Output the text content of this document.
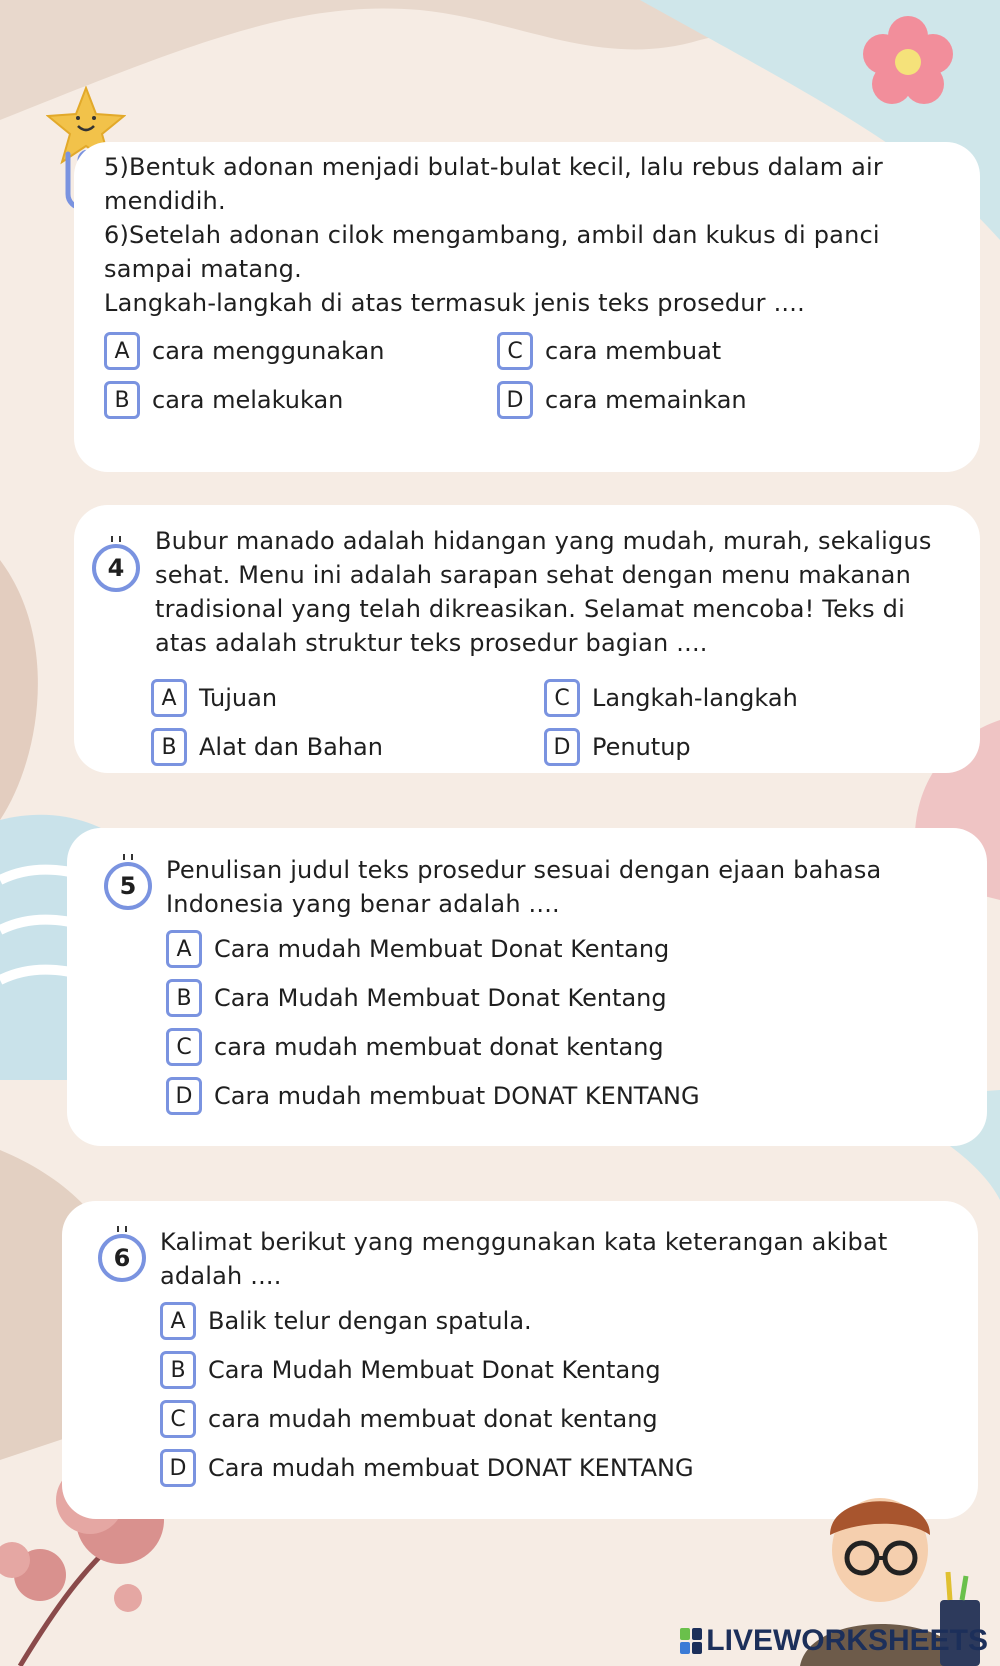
5)Bentuk adonan menjadi bulat-bulat kecil, lalu rebus dalam air
mendidih.
6)Setelah adonan cilok mengambang, ambil dan kukus di panci
sampai matang.
Langkah-langkah di atas termasuk jenis teks prosedur ....
A cara menggunakan
B cara melakukan
C cara membuat
D cara memainkan
4
Bubur manado adalah hidangan yang mudah, murah, sekaligus
sehat. Menu ini adalah sarapan sehat dengan menu makanan
tradisional yang telah dikreasikan. Selamat mencoba! Teks di
atas adalah struktur teks prosedur bagian ....
A Tujuan
B Alat dan Bahan
C Langkah-langkah
D Penutup
5
Penulisan judul teks prosedur sesuai dengan ejaan bahasa
Indonesia yang benar adalah ....
A Cara mudah Membuat Donat Kentang
B Cara Mudah Membuat Donat Kentang
C cara mudah membuat donat kentang
D Cara mudah membuat DONAT KENTANG
6
Kalimat berikut yang menggunakan kata keterangan akibat
adalah ....
A Balik telur dengan spatula.
B Cara Mudah Membuat Donat Kentang
C cara mudah membuat donat kentang
D Cara mudah membuat DONAT KENTANG
LIVEWORKSHEETS
